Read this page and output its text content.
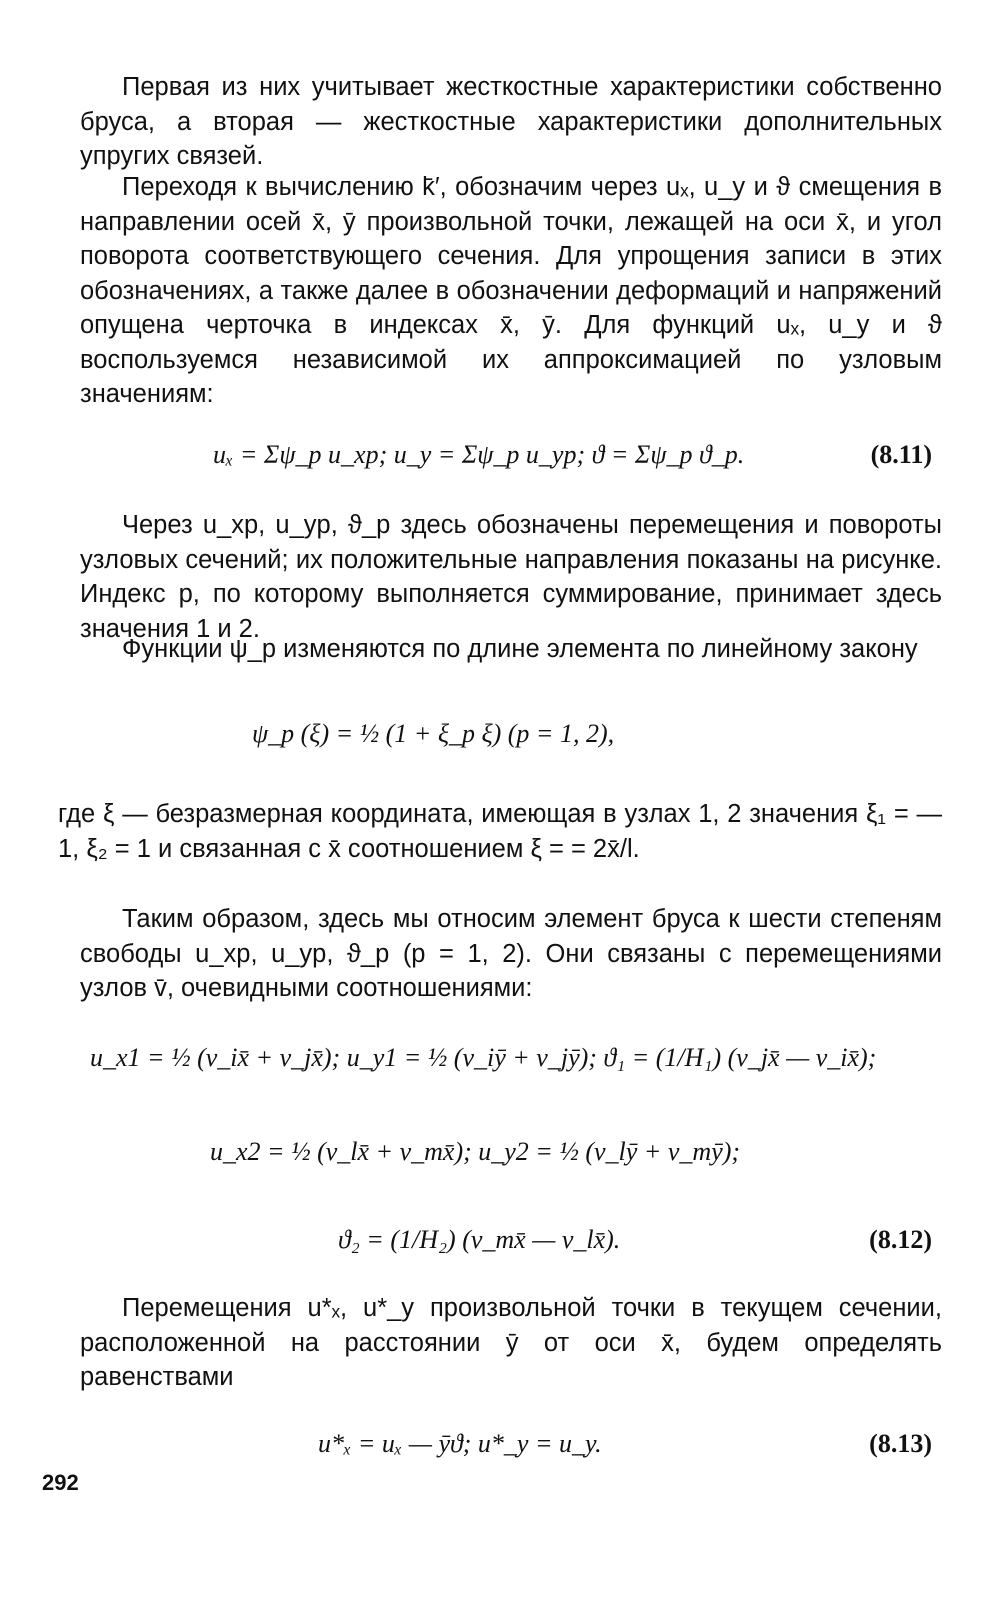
Первая из них учитывает жесткостные характеристики собственно бруса, а вторая — жесткостные характеристики дополнительных упругих связей.
Переходя к вычислению k̄′, обозначим через uₓ, u_y и ϑ смещения в направлении осей x̄, ȳ произвольной точки, лежащей на оси x̄, и угол поворота соответствующего сечения. Для упрощения записи в этих обозначениях, а также далее в обозначении деформаций и напряжений опущена черточка в индексах x̄, ȳ. Для функций uₓ, u_y и ϑ воспользуемся независимой их аппроксимацией по узловым значениям:
uₓ = Σψ_p u_xp; u_y = Σψ_p u_yp; ϑ = Σψ_p ϑ_p.	(8.11)
Через u_xp, u_yp, ϑ_p здесь обозначены перемещения и повороты узловых сечений; их положительные направления показаны на рисунке. Индекс p, по которому выполняется суммирование, принимает здесь значения 1 и 2.
Функции ψ_p изменяются по длине элемента по линейному закону
ψ_p (ξ) = ½ (1 + ξ_p ξ) (p = 1, 2),
где ξ — безразмерная координата, имеющая в узлах 1, 2 значения ξ₁ = —1, ξ₂ = 1 и связанная с x̄ соотношением ξ = = 2x̄/l.
Таким образом, здесь мы относим элемент бруса к шести степеням свободы u_xp, u_yp, ϑ_p (p = 1, 2). Они связаны с перемещениями узлов v̄, очевидными соотношениями:
u_x1 = ½ (v_ix̄ + v_jx̄); u_y1 = ½ (v_iȳ + v_jȳ); ϑ₁ = (1/H₁) (v_jx̄ — v_ix̄);
u_x2 = ½ (v_lx̄ + v_mx̄); u_y2 = ½ (v_lȳ + v_mȳ);
ϑ₂ = (1/H₂) (v_mx̄ — v_lx̄).	(8.12)
Перемещения u*ₓ, u*_y произвольной точки в текущем сечении, расположенной на расстоянии ȳ от оси x̄, будем определять равенствами
u*ₓ = uₓ — ȳϑ; u*_y = u_y.	(8.13)
292
